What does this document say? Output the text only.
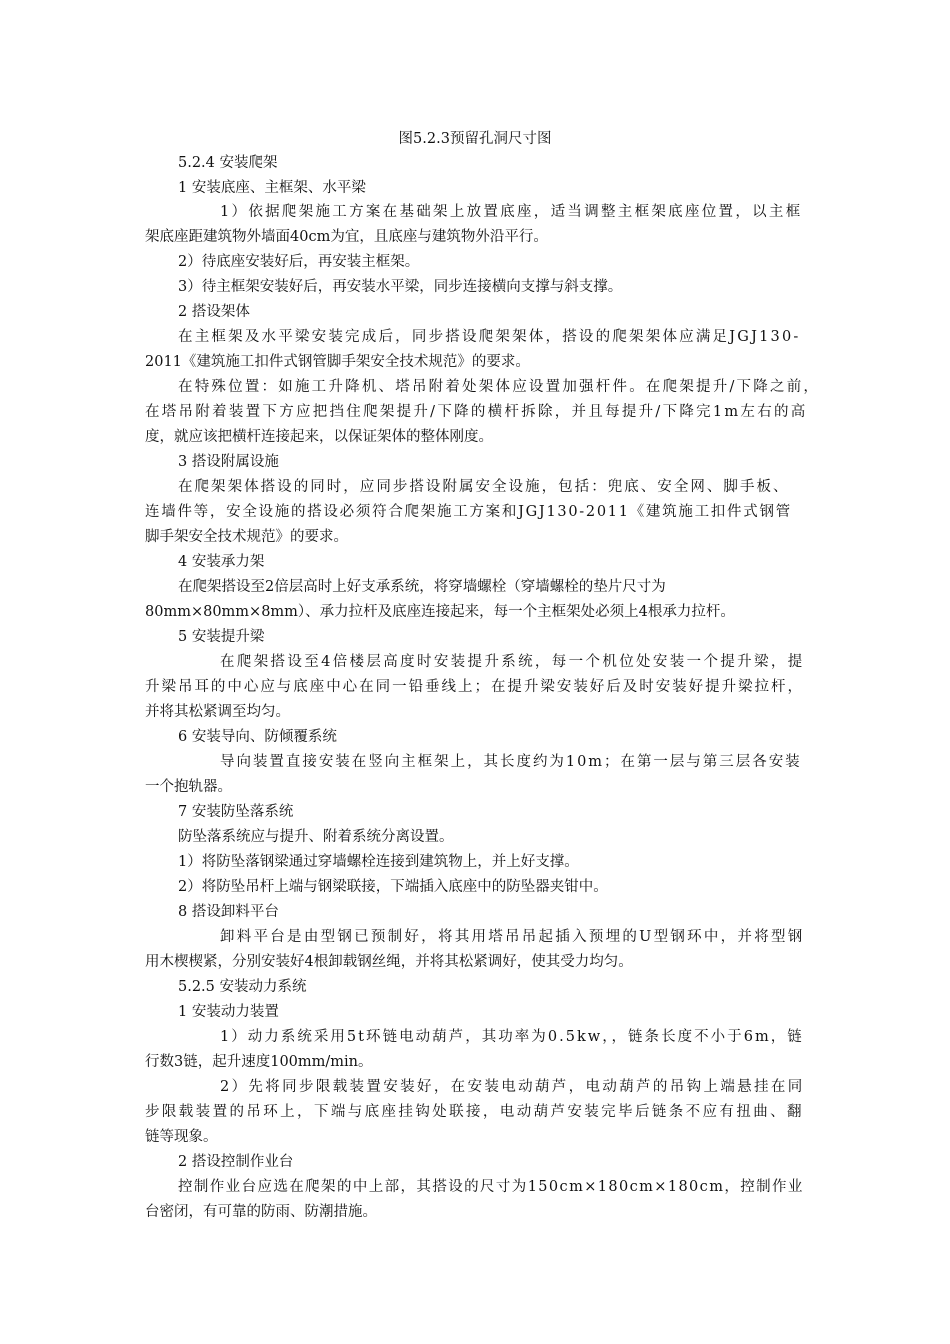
图5.2.3预留孔洞尺寸图
5.2.4 安装爬架
1 安装底座、主框架、水平梁
1）依据爬架施工方案在基础架上放置底座，适当调整主框架底座位置，以主框
架底座距建筑物外墙面40cm为宜，且底座与建筑物外沿平行。
2）待底座安装好后，再安装主框架。
3）待主框架安装好后，再安装水平梁，同步连接横向支撑与斜支撑。
2 搭设架体
在主框架及水平梁安装完成后，同步搭设爬架架体，搭设的爬架架体应满足JGJ130-
2011《建筑施工扣件式钢管脚手架安全技术规范》的要求。
在特殊位置：如施工升降机、塔吊附着处架体应设置加强杆件。在爬架提升/下降之前，
在塔吊附着装置下方应把挡住爬架提升/下降的横杆拆除，并且每提升/下降完1m左右的高
度，就应该把横杆连接起来，以保证架体的整体刚度。
3 搭设附属设施
在爬架架体搭设的同时，应同步搭设附属安全设施，包括：兜底、安全网、脚手板、
连墙件等，安全设施的搭设必须符合爬架施工方案和JGJ130-2011《建筑施工扣件式钢管
脚手架安全技术规范》的要求。
4 安装承力架
在爬架搭设至2倍层高时上好支承系统，将穿墙螺栓（穿墙螺栓的垫片尺寸为
80mm×80mm×8mm）、承力拉杆及底座连接起来，每一个主框架处必须上4根承力拉杆。
5 安装提升梁
在爬架搭设至4倍楼层高度时安装提升系统，每一个机位处安装一个提升梁，提
升梁吊耳的中心应与底座中心在同一铅垂线上；在提升梁安装好后及时安装好提升梁拉杆，
并将其松紧调至均匀。
6 安装导向、防倾覆系统
导向装置直接安装在竖向主框架上，其长度约为10m；在第一层与第三层各安装
一个抱轨器。
7 安装防坠落系统
防坠落系统应与提升、附着系统分离设置。
1）将防坠落钢梁通过穿墙螺栓连接到建筑物上，并上好支撑。
2）将防坠吊杆上端与钢梁联接，下端插入底座中的防坠器夹钳中。
8 搭设卸料平台
卸料平台是由型钢已预制好，将其用塔吊吊起插入预埋的U型钢环中，并将型钢
用木楔楔紧，分别安装好4根卸载钢丝绳，并将其松紧调好，使其受力均匀。
5.2.5 安装动力系统
1 安装动力装置
1）动力系统采用5t环链电动葫芦，其功率为0.5kw，，链条长度不小于6m，链
行数3链，起升速度100mm/min。
2）先将同步限载装置安装好，在安装电动葫芦，电动葫芦的吊钩上端悬挂在同
步限载装置的吊环上，下端与底座挂钩处联接，电动葫芦安装完毕后链条不应有扭曲、翻
链等现象。
2 搭设控制作业台
控制作业台应选在爬架的中上部，其搭设的尺寸为150cm×180cm×180cm，控制作业
台密闭，有可靠的防雨、防潮措施。
